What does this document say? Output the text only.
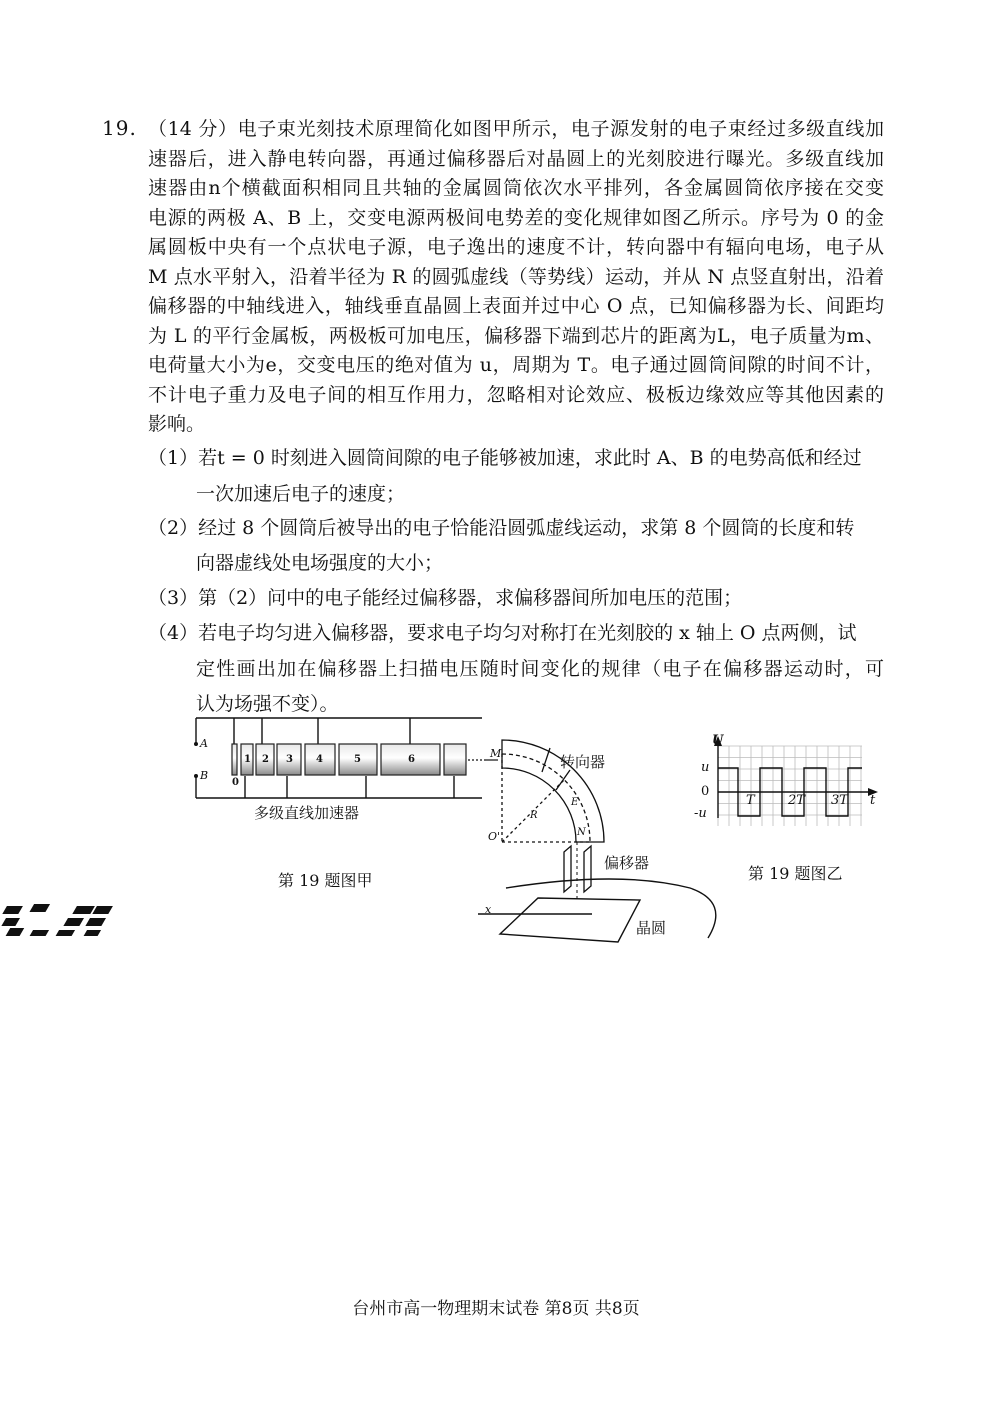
19. （14 分）电子束光刻技术原理简化如图甲所示，电子源发射的电子束经过多级直线加
速器后，进入静电转向器，再通过偏移器后对晶圆上的光刻胶进行曝光。多级直线加
速器由n个横截面积相同且共轴的金属圆筒依次水平排列，各金属圆筒依序接在交变
电源的两极 A、B 上，交变电源两极间电势差的变化规律如图乙所示。序号为 0 的金
属圆板中央有一个点状电子源，电子逸出的速度不计，转向器中有辐向电场，电子从
M 点水平射入，沿着半径为 R 的圆弧虚线（等势线）运动，并从 N 点竖直射出，沿着
偏移器的中轴线进入，轴线垂直晶圆上表面并过中心 O 点，已知偏移器为长、间距均
为 L 的平行金属板，两极板可加电压，偏移器下端到芯片的距离为L，电子质量为m、
电荷量大小为e，交变电压的绝对值为 u，周期为 T。电子通过圆筒间隙的时间不计，
不计电子重力及电子间的相互作用力，忽略相对论效应、极板边缘效应等其他因素的
影响。
（1）若t = 0 时刻进入圆筒间隙的电子能够被加速，求此时 A、B 的电势高低和经过
一次加速后电子的速度；
（2）经过 8 个圆筒后被导出的电子恰能沿圆弧虚线运动，求第 8 个圆筒的长度和转
向器虚线处电场强度的大小；
（3）第（2）问中的电子能经过偏移器，求偏移器间所加电压的范围；
（4）若电子均匀进入偏移器，要求电子均匀对称打在光刻胶的 x 轴上 O 点两侧，试
定性画出加在偏移器上扫描电压随时间变化的规律（电子在偏移器运动时，可
认为场强不变）。
A
B
0
1 2 3 4	5	6
多级直线加速器
M	转向器
E
R
O'	N
偏移器
x
晶圆
第 19 题图甲
U
t
u
0
-u
T	2T 3T
第 19 题图乙
台州市高一物理期末试卷 第8页 共8页
